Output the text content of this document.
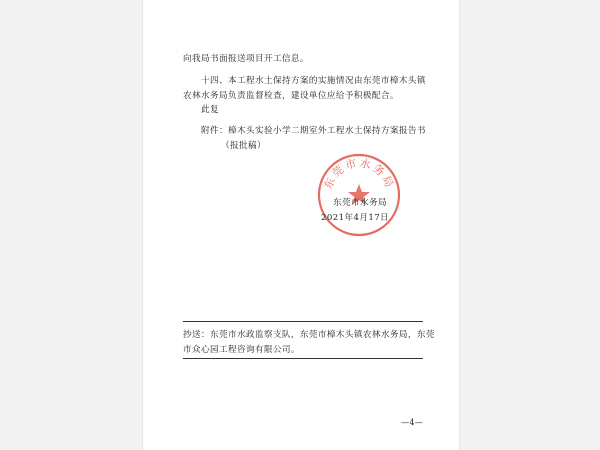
向我局书面报送项目开工信息。
十四、本工程水土保持方案的实施情况由东莞市樟木头镇
农林水务局负责监督检查，建设单位应给予积极配合。
此复
附件：樟木头实验小学二期室外工程水土保持方案报告书
（报批稿）
东莞市水务局
东莞市水务局
2021年4月17日
抄送：东莞市水政监察支队，东莞市樟木头镇农林水务局，东莞
市众心园工程咨询有限公司。
—4—
